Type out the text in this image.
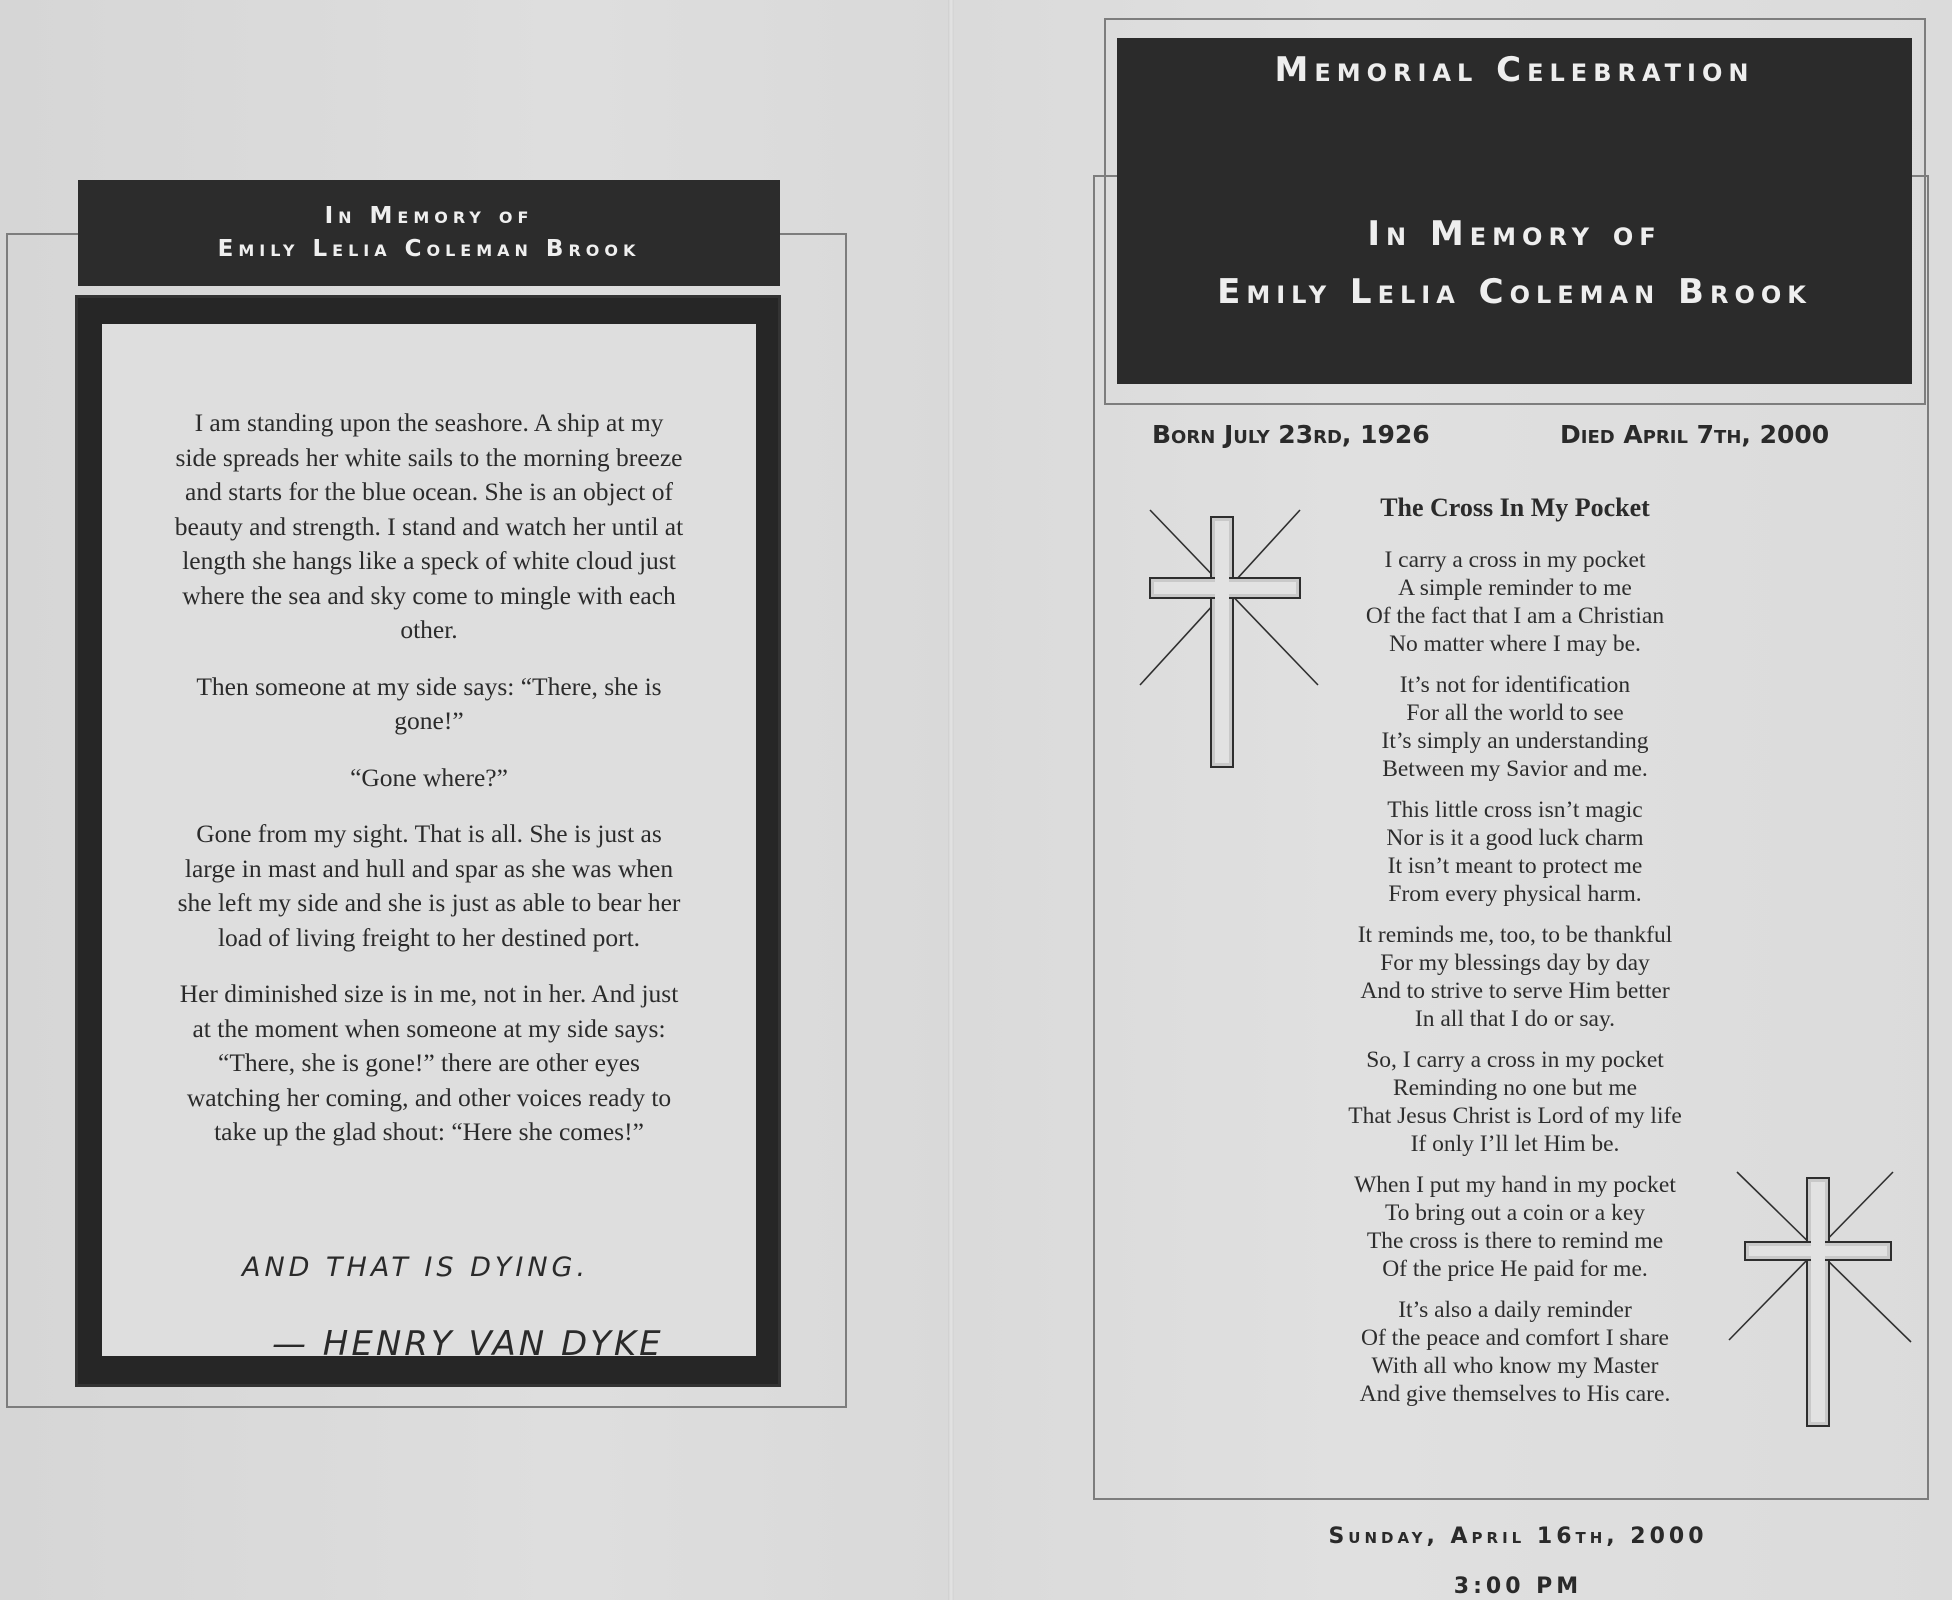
In Memory of
Emily Lelia Coleman Brook

I am standing upon the seashore. A ship at my side spreads her white sails to the morning breeze and starts for the blue ocean. She is an object of beauty and strength. I stand and watch her until at length she hangs like a speck of white cloud just where the sea and sky come to mingle with each other.

Then someone at my side says: “There, she is gone!”

“Gone where?”

Gone from my sight. That is all. She is just as large in mast and hull and spar as she was when she left my side and she is just as able to bear her load of living freight to her destined port.

Her diminished size is in me, not in her. And just at the moment when someone at my side says: “There, she is gone!” there are other eyes watching her coming, and other voices ready to take up the glad shout: “Here she comes!”

AND THAT IS DYING.
— HENRY VAN DYKE
Memorial Celebration
In Memory of
Emily Lelia Coleman Brook
Born July 23rd, 1926	Died April 7th, 2000
The Cross In My Pocket
I carry a cross in my pocket
A simple reminder to me
Of the fact that I am a Christian
No matter where I may be.
It’s not for identification
For all the world to see
It’s simply an understanding
Between my Savior and me.
This little cross isn’t magic
Nor is it a good luck charm
It isn’t meant to protect me
From every physical harm.
It reminds me, too, to be thankful
For my blessings day by day
And to strive to serve Him better
In all that I do or say.
So, I carry a cross in my pocket
Reminding no one but me
That Jesus Christ is Lord of my life
If only I’ll let Him be.
When I put my hand in my pocket
To bring out a coin or a key
The cross is there to remind me
Of the price He paid for me.
It’s also a daily reminder
Of the peace and comfort I share
With all who know my Master
And give themselves to His care.
Sunday, April 16th, 2000
3:00 PM
